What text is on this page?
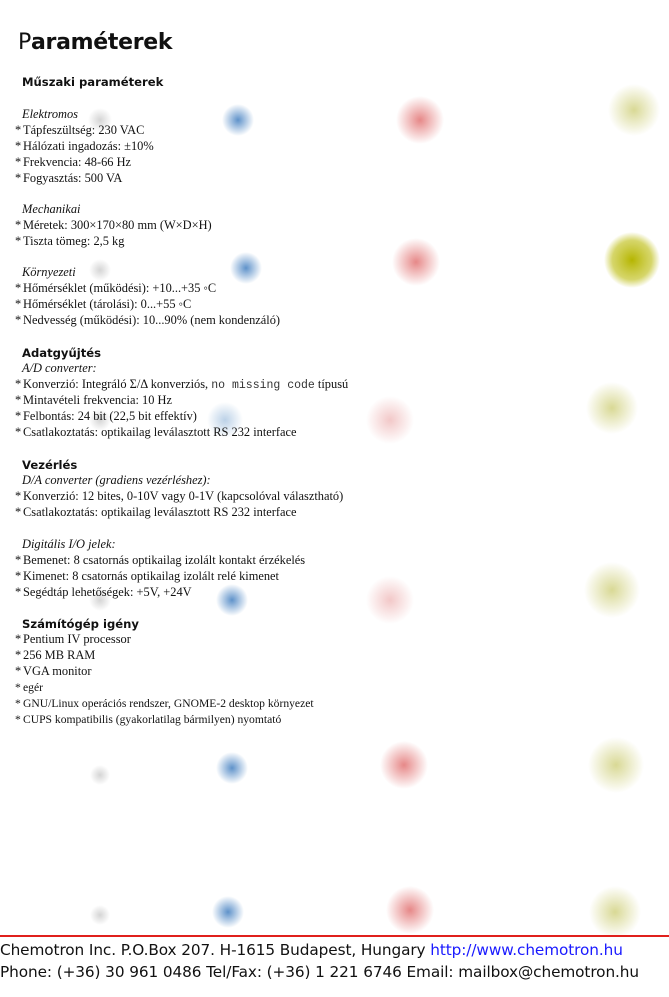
Paraméterek
Műszaki paraméterek
Elektromos
* Tápfeszültség: 230 VAC
* Hálózati ingadozás: ±10%
* Frekvencia: 48-66 Hz
* Fogyasztás: 500 VA
Mechanikai
* Méretek: 300×170×80 mm (W×D×H)
* Tiszta tömeg: 2,5 kg
Környezeti
* Hőmérséklet (működési): +10...+35 ◦C
* Hőmérséklet (tárolási): 0...+55 ◦C
* Nedvesség (működési): 10...90% (nem kondenzáló)
Adatgyűjtés
A/D converter:
* Konverzió: Integráló Σ/Δ konverziós, no missing code típusú
* Mintavételi frekvencia: 10 Hz
* Felbontás: 24 bit (22,5 bit effektív)
* Csatlakoztatás: optikailag leválasztott RS 232 interface
Vezérlés
D/A converter (gradiens vezérléshez):
* Konverzió: 12 bites, 0-10V vagy 0-1V (kapcsolóval választható)
* Csatlakoztatás: optikailag leválasztott RS 232 interface
Digitális I/O jelek:
* Bemenet: 8 csatornás optikailag izolált kontakt érzékelés
* Kimenet: 8 csatornás optikailag izolált relé kimenet
* Segédtáp lehetőségek: +5V, +24V
Számítógép igény
* Pentium IV processor
* 256 MB RAM
* VGA monitor
* egér
* GNU/Linux operációs rendszer, GNOME-2 desktop környezet
* CUPS kompatibilis (gyakorlatilag bármilyen) nyomtató
Chemotron Inc. P.O.Box 207. H-1615 Budapest, Hungary http://www.chemotron.hu
Phone: (+36) 30 961 0486 Tel/Fax: (+36) 1 221 6746 Email: mailbox@chemotron.hu
